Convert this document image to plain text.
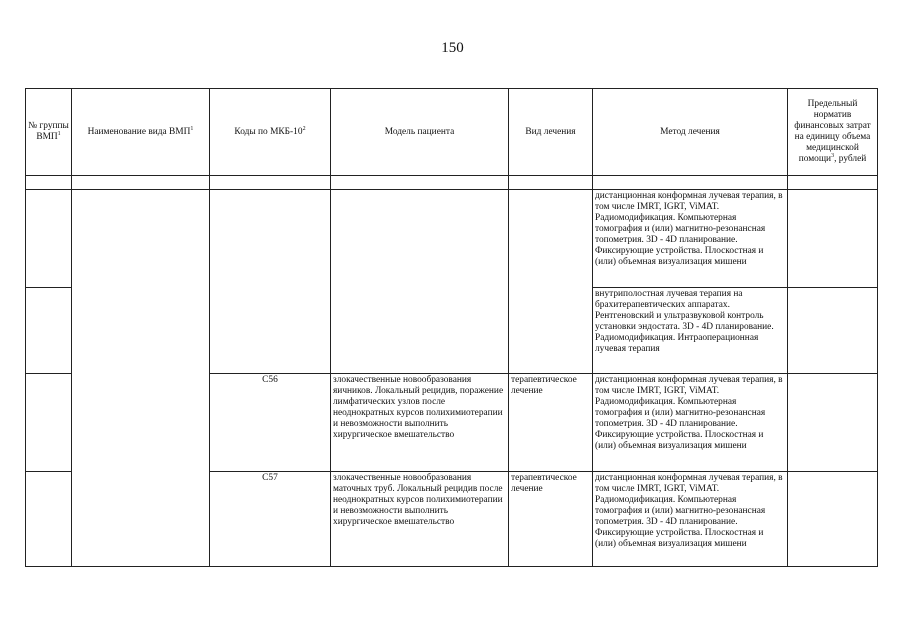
150
№ группы ВМП$^1$	Наименование вида ВМП$^1$	Коды по МКБ-$10^2$	Модель пациента	Вид лечения	Метод лечения	Предельный норматив финансовых затрат на единицу объема медицинской помощи$^3$, рублей

					дистанционная конформная лучевая терапия, в том числе IMRT, IGRT, ViMAT. Радиомодификация. Компьютерная томография и (или) магнитно-резонансная топометрия. 3D - 4D планирование. Фиксирующие устройства. Плоскостная и (или) объемная визуализация мишени	
					внутриполостная лучевая терапия на брахитерапевтических аппаратах. Рентгеновский и ультразвуковой контроль установки эндостата. 3D - 4D планирование. Радиомодификация. Интраоперационная лучевая терапия	
		C56	злокачественные новообразования яичников. Локальный рецидив, поражение лимфатических узлов после неоднократных курсов полихимиотерапии и невозможности выполнить хирургическое вмешательство	терапевтическое лечение	дистанционная конформная лучевая терапия, в том числе IMRT, IGRT, ViMAT. Радиомодификация. Компьютерная томография и (или) магнитно-резонансная топометрия. 3D - 4D планирование. Фиксирующие устройства. Плоскостная и (или) объемная визуализация мишени	
		C57	злокачественные новообразования маточных труб. Локальный рецидив после неоднократных курсов полихимиотерапии и невозможности выполнить хирургическое вмешательство	терапевтическое лечение	дистанционная конформная лучевая терапия, в том числе IMRT, IGRT, ViMAT. Радиомодификация. Компьютерная томография и (или) магнитно-резонансная топометрия. 3D - 4D планирование. Фиксирующие устройства. Плоскостная и (или) объемная визуализация мишени	
